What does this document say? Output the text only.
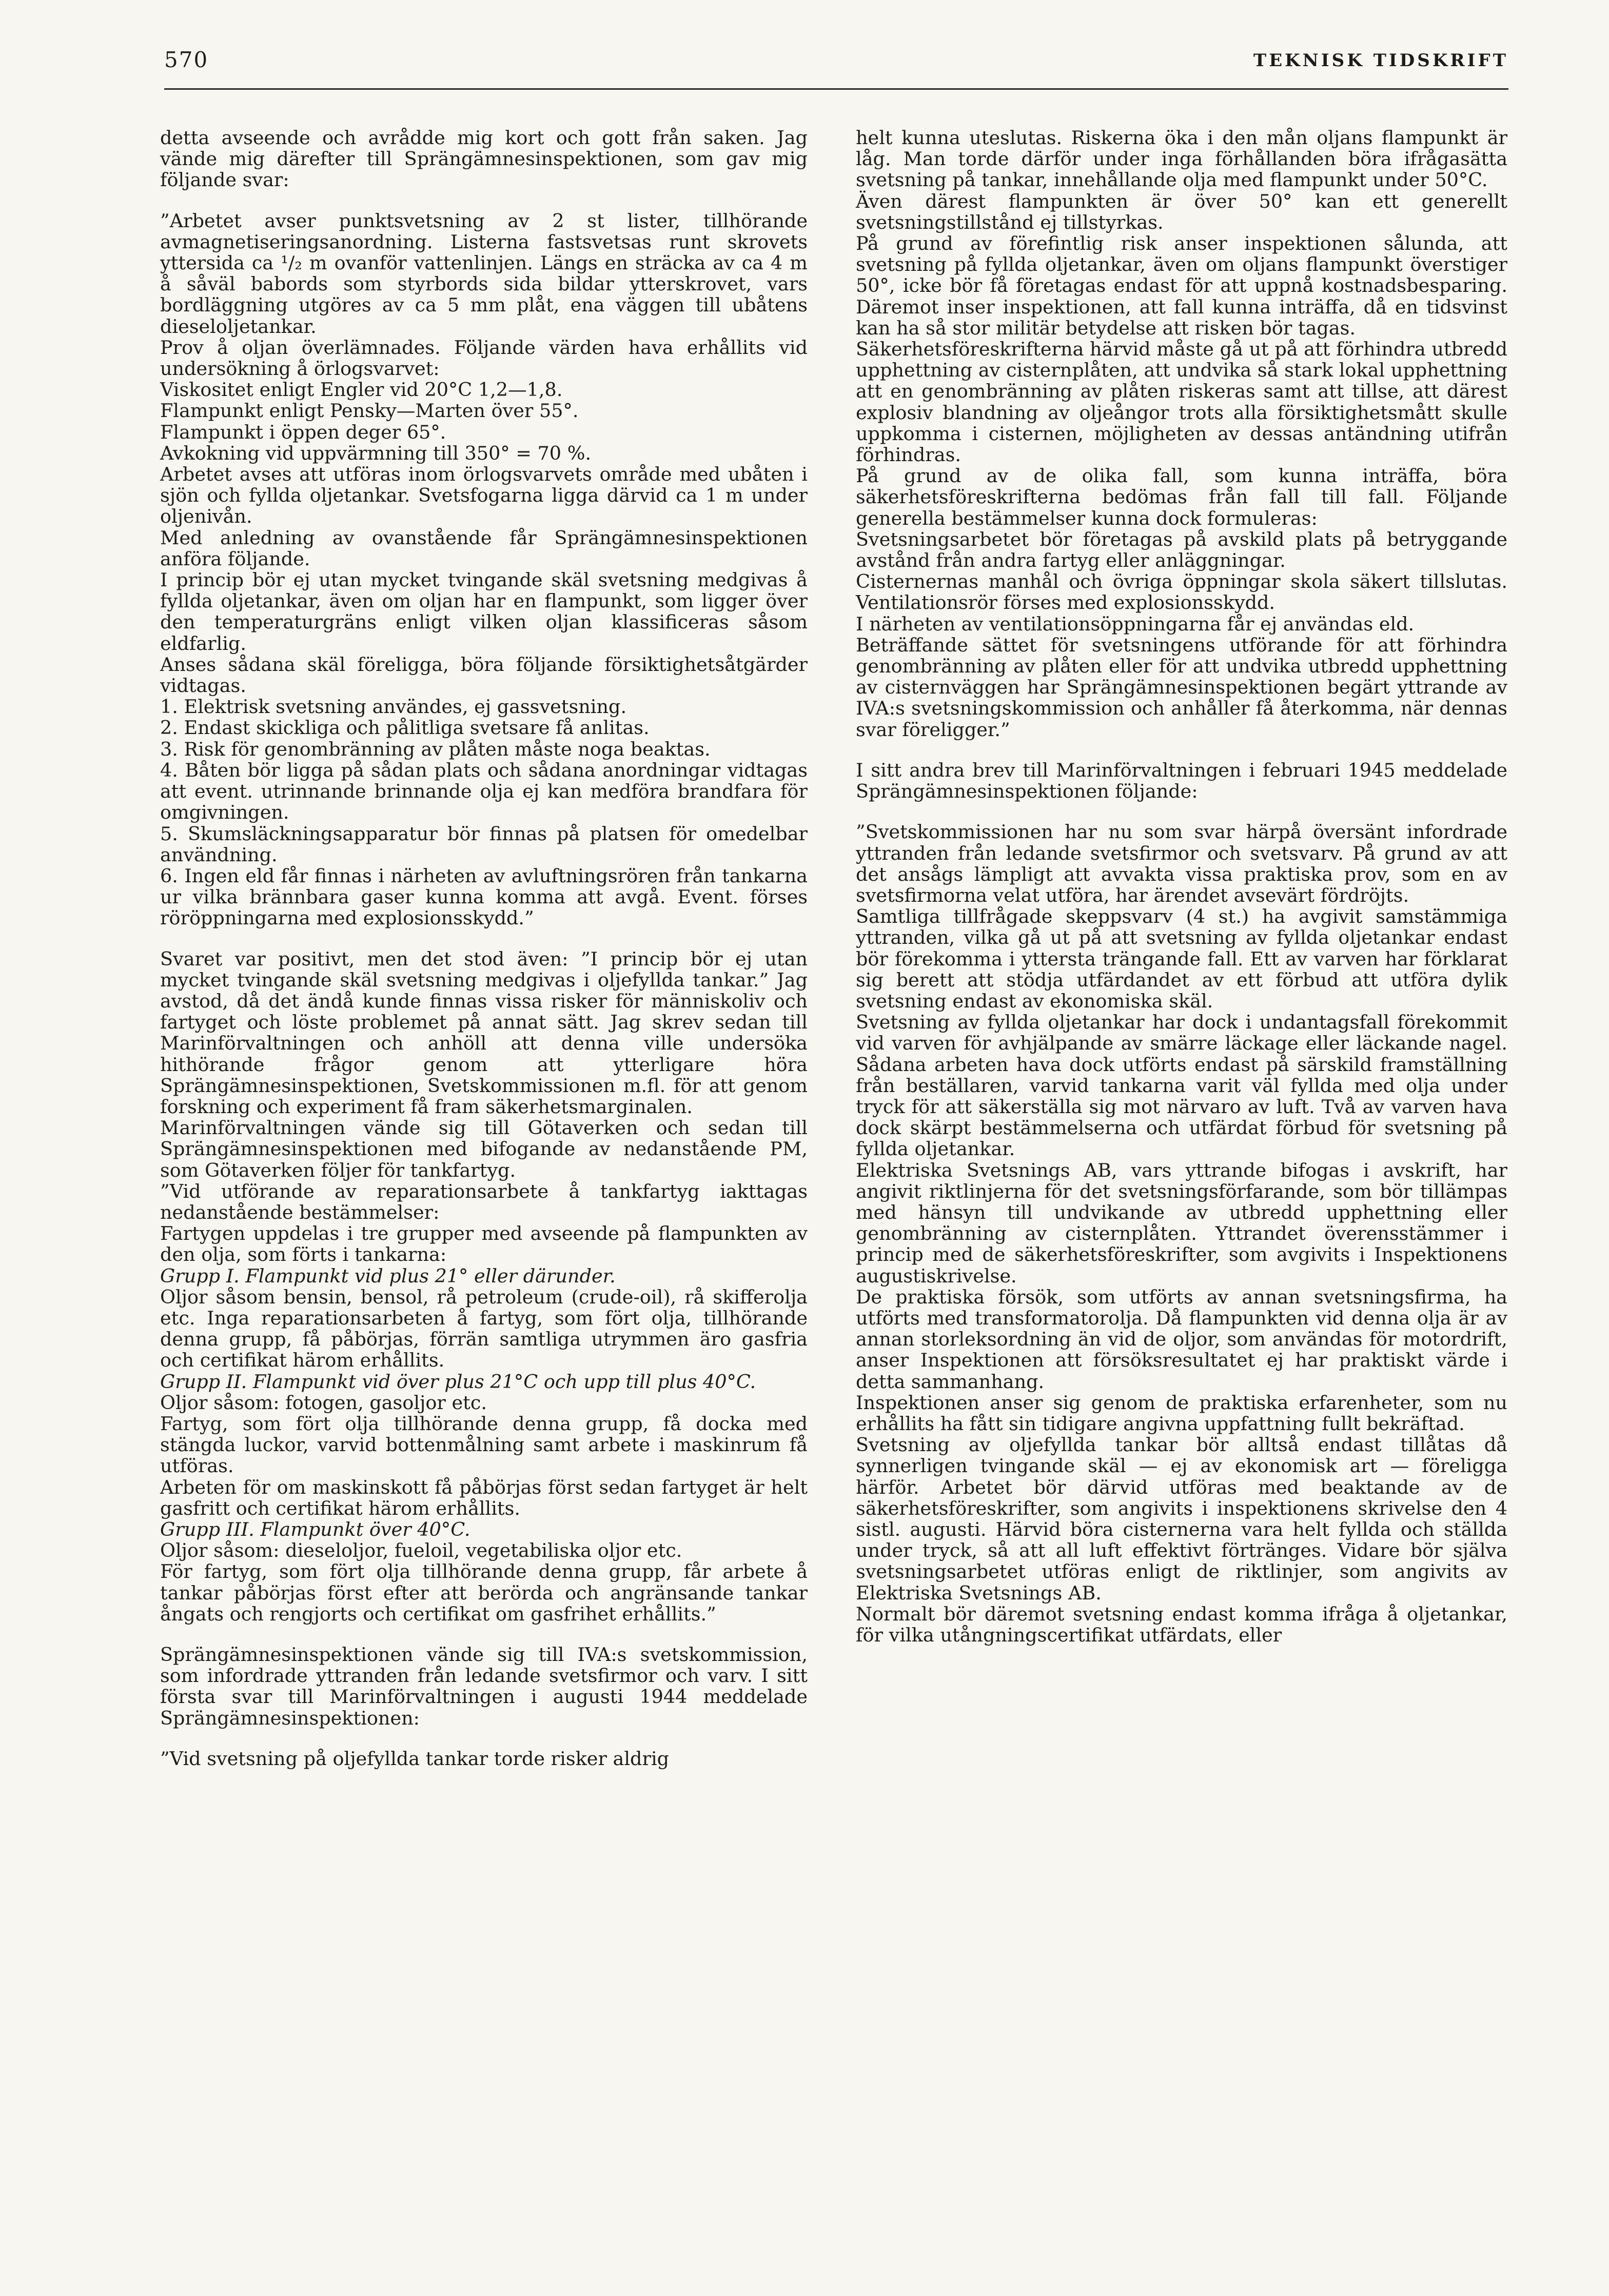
570	TEKNISK TIDSKRIFT

detta avseende och avrådde mig kort och gott från saken. Jag vände mig därefter till Sprängämnesinspektionen, som gav mig följande svar:

”Arbetet avser punktsvetsning av 2 st lister, tillhörande avmagnetiseringsanordning. Listerna fastsvetsas runt skrovets yttersida ca ¹/₂ m ovanför vattenlinjen. Längs en sträcka av ca 4 m å såväl babords som styrbords sida bildar ytterskrovet, vars bordläggning utgöres av ca 5 mm plåt, ena väggen till ubåtens dieseloljetankar.

Prov å oljan överlämnades. Följande värden hava erhållits vid undersökning å örlogsvarvet:

Viskositet enligt Engler vid 20°C 1,2—1,8.

Flampunkt enligt Pensky—Marten över 55°.

Flampunkt i öppen deger 65°.

Avkokning vid uppvärmning till 350° = 70 %.

Arbetet avses att utföras inom örlogsvarvets område med ubåten i sjön och fyllda oljetankar. Svetsfogarna ligga därvid ca 1 m under oljenivån.

Med anledning av ovanstående får Sprängämnesinspektionen anföra följande.

I princip bör ej utan mycket tvingande skäl svetsning medgivas å fyllda oljetankar, även om oljan har en flampunkt, som ligger över den temperaturgräns enligt vilken oljan klassificeras såsom eldfarlig.

Anses sådana skäl föreligga, böra följande försiktighetsåtgärder vidtagas.

1. Elektrisk svetsning användes, ej gassvetsning.

2. Endast skickliga och pålitliga svetsare få anlitas.

3. Risk för genombränning av plåten måste noga beaktas.

4. Båten bör ligga på sådan plats och sådana anordningar vidtagas att event. utrinnande brinnande olja ej kan medföra brandfara för omgivningen.

5. Skumsläckningsapparatur bör finnas på platsen för omedelbar användning.

6. Ingen eld får finnas i närheten av avluftningsrören från tankarna ur vilka brännbara gaser kunna komma att avgå. Event. förses röröppningarna med explosionsskydd.”

Svaret var positivt, men det stod även: ”I princip bör ej utan mycket tvingande skäl svetsning medgivas i oljefyllda tankar.” Jag avstod, då det ändå kunde finnas vissa risker för människoliv och fartyget och löste problemet på annat sätt. Jag skrev sedan till Marinförvaltningen och anhöll att denna ville undersöka hithörande frågor genom att ytterligare höra Sprängämnesinspektionen, Svetskommissionen m.fl. för att genom forskning och experiment få fram säkerhetsmarginalen.

Marinförvaltningen vände sig till Götaverken och sedan till Sprängämnesinspektionen med bifogande av nedanstående PM, som Götaverken följer för tankfartyg.

”Vid utförande av reparationsarbete å tankfartyg iakttagas nedanstående bestämmelser:

Fartygen uppdelas i tre grupper med avseende på flampunkten av den olja, som förts i tankarna:

Grupp I. Flampunkt vid plus 21° eller därunder.

Oljor såsom bensin, bensol, rå petroleum (crude-oil), rå skifferolja etc. Inga reparationsarbeten å fartyg, som fört olja, tillhörande denna grupp, få påbörjas, förrän samtliga utrymmen äro gasfria och certifikat härom erhållits.

Grupp II. Flampunkt vid över plus 21°C och upp till plus 40°C.

Oljor såsom: fotogen, gasoljor etc.

Fartyg, som fört olja tillhörande denna grupp, få docka med stängda luckor, varvid bottenmålning samt arbete i maskinrum få utföras.

Arbeten för om maskinskott få påbörjas först sedan fartyget är helt gasfritt och certifikat härom erhållits.

Grupp III. Flampunkt över 40°C.

Oljor såsom: dieseloljor, fueloil, vegetabiliska oljor etc.

För fartyg, som fört olja tillhörande denna grupp, får arbete å tankar påbörjas först efter att berörda och angränsande tankar ångats och rengjorts och certifikat om gasfrihet erhållits.”

Sprängämnesinspektionen vände sig till IVA:s svetskommission, som infordrade yttranden från ledande svetsfirmor och varv. I sitt första svar till Marinförvaltningen i augusti 1944 meddelade Sprängämnesinspektionen:

”Vid svetsning på oljefyllda tankar torde risker aldrig

helt kunna uteslutas. Riskerna öka i den mån oljans flampunkt är låg. Man torde därför under inga förhållanden böra ifrågasätta svetsning på tankar, innehållande olja med flampunkt under 50°C.

Även därest flampunkten är över 50° kan ett generellt svetsningstillstånd ej tillstyrkas.

På grund av förefintlig risk anser inspektionen sålunda, att svetsning på fyllda oljetankar, även om oljans flampunkt överstiger 50°, icke bör få företagas endast för att uppnå kostnadsbesparing. Däremot inser inspektionen, att fall kunna inträffa, då en tidsvinst kan ha så stor militär betydelse att risken bör tagas.

Säkerhetsföreskrifterna härvid måste gå ut på att förhindra utbredd upphettning av cisternplåten, att undvika så stark lokal upphettning att en genombränning av plåten riskeras samt att tillse, att därest explosiv blandning av oljeångor trots alla försiktighetsmått skulle uppkomma i cisternen, möjligheten av dessas antändning utifrån förhindras.

På grund av de olika fall, som kunna inträffa, böra säkerhetsföreskrifterna bedömas från fall till fall. Följande generella bestämmelser kunna dock formuleras:

Svetsningsarbetet bör företagas på avskild plats på betryggande avstånd från andra fartyg eller anläggningar.

Cisternernas manhål och övriga öppningar skola säkert tillslutas. Ventilationsrör förses med explosionsskydd.

I närheten av ventilationsöppningarna får ej användas eld.

Beträffande sättet för svetsningens utförande för att förhindra genombränning av plåten eller för att undvika utbredd upphettning av cisternväggen har Sprängämnesinspektionen begärt yttrande av IVA:s svetsningskommission och anhåller få återkomma, när dennas svar föreligger.”

I sitt andra brev till Marinförvaltningen i februari 1945 meddelade Sprängämnesinspektionen följande:

”Svetskommissionen har nu som svar härpå översänt infordrade yttranden från ledande svetsfirmor och svetsvarv. På grund av att det ansågs lämpligt att avvakta vissa praktiska prov, som en av svetsfirmorna velat utföra, har ärendet avsevärt fördröjts.

Samtliga tillfrågade skeppsvarv (4 st.) ha avgivit samstämmiga yttranden, vilka gå ut på att svetsning av fyllda oljetankar endast bör förekomma i yttersta trängande fall. Ett av varven har förklarat sig berett att stödja utfärdandet av ett förbud att utföra dylik svetsning endast av ekonomiska skäl.

Svetsning av fyllda oljetankar har dock i undantagsfall förekommit vid varven för avhjälpande av smärre läckage eller läckande nagel. Sådana arbeten hava dock utförts endast på särskild framställning från beställaren, varvid tankarna varit väl fyllda med olja under tryck för att säkerställa sig mot närvaro av luft. Två av varven hava dock skärpt bestämmelserna och utfärdat förbud för svetsning på fyllda oljetankar.

Elektriska Svetsnings AB, vars yttrande bifogas i avskrift, har angivit riktlinjerna för det svetsningsförfarande, som bör tillämpas med hänsyn till undvikande av utbredd upphettning eller genombränning av cisternplåten. Yttrandet överensstämmer i princip med de säkerhetsföreskrifter, som avgivits i Inspektionens augustiskrivelse.

De praktiska försök, som utförts av annan svetsningsfirma, ha utförts med transformatorolja. Då flampunkten vid denna olja är av annan storleksordning än vid de oljor, som användas för motordrift, anser Inspektionen att försöksresultatet ej har praktiskt värde i detta sammanhang.

Inspektionen anser sig genom de praktiska erfarenheter, som nu erhållits ha fått sin tidigare angivna uppfattning fullt bekräftad.

Svetsning av oljefyllda tankar bör alltså endast tillåtas då synnerligen tvingande skäl — ej av ekonomisk art — föreligga härför. Arbetet bör därvid utföras med beaktande av de säkerhetsföreskrifter, som angivits i inspektionens skrivelse den 4 sistl. augusti. Härvid böra cisternerna vara helt fyllda och ställda under tryck, så att all luft effektivt förtränges. Vidare bör själva svetsningsarbetet utföras enligt de riktlinjer, som angivits av Elektriska Svetsnings AB.

Normalt bör däremot svetsning endast komma ifråga å oljetankar, för vilka utångningscertifikat utfärdats, eller
